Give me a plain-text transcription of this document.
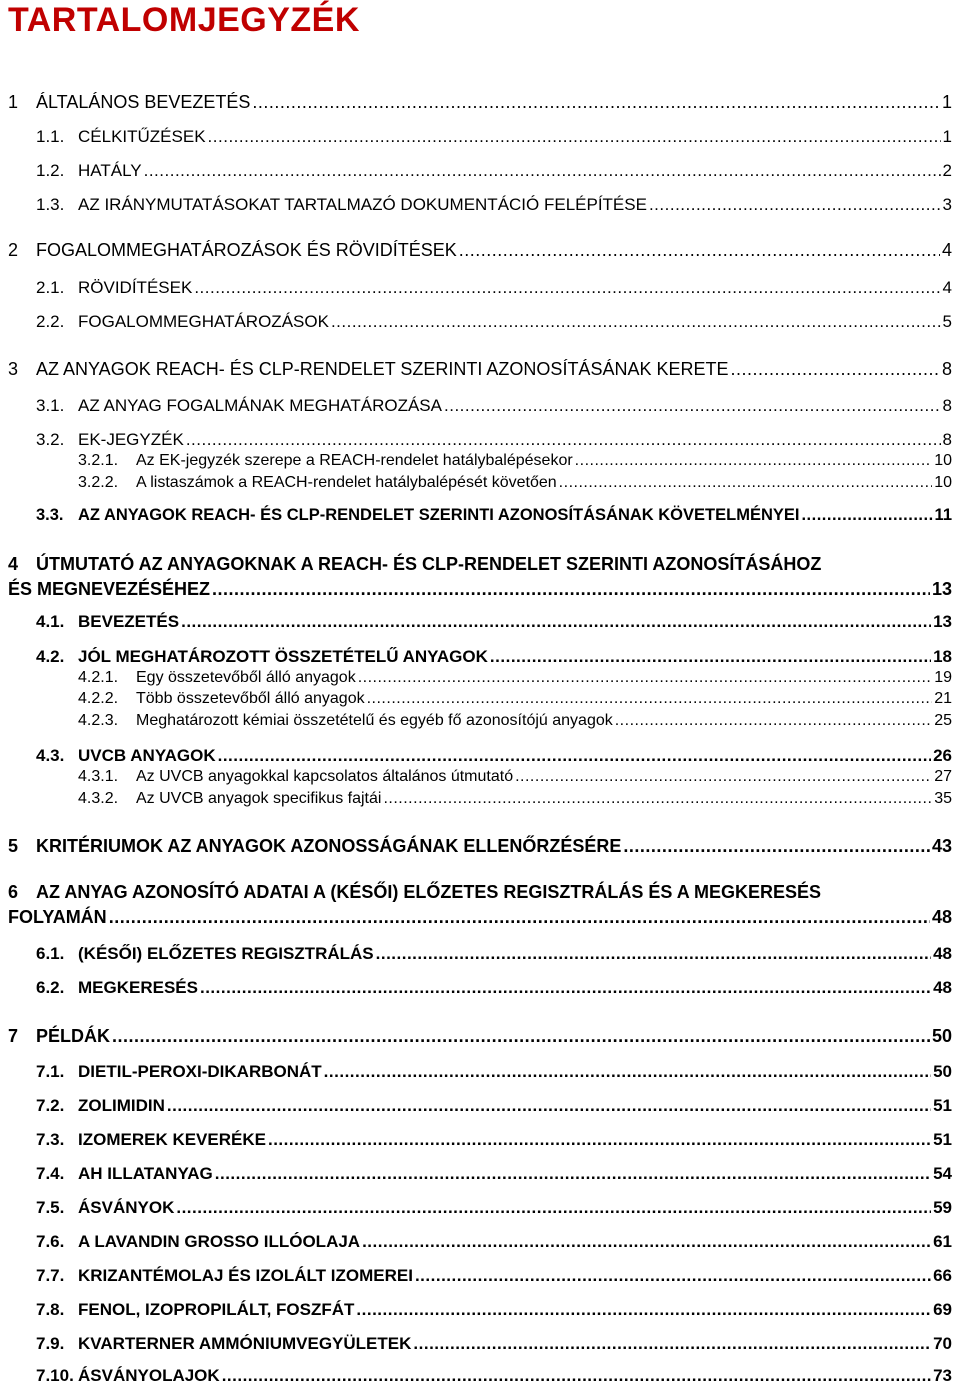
TARTALOMJEGYZÉK
1 ÁLTALÁNOS BEVEZETÉS .....	1
1.1. CÉLKITŰZÉSEK .....	1
1.2. HATÁLY .....	2
1.3. AZ IRÁNYMUTATÁSOKAT TARTALMAZÓ DOKUMENTÁCIÓ FELÉPÍTÉSE .....	3
2 FOGALOMMEGHATÁROZÁSOK ÉS RÖVIDÍTÉSEK .....	4
2.1. RÖVIDÍTÉSEK .....	4
2.2. FOGALOMMEGHATÁROZÁSOK .....	5
3 AZ ANYAGOK REACH- ÉS CLP-RENDELET SZERINTI AZONOSÍTÁSÁNAK KERETE .....	8
3.1. AZ ANYAG FOGALMÁNAK MEGHATÁROZÁSA .....	8
3.2. EK-JEGYZÉK .....	8
3.2.1.	Az EK-jegyzék szerepe a REACH-rendelet hatálybalépésekor .....	10
3.2.2.	A listaszámok a REACH-rendelet hatálybalépését követően .....	10
3.3. AZ ANYAGOK REACH- ÉS CLP-RENDELET SZERINTI AZONOSÍTÁSÁNAK KÖVETELMÉNYEI .....	11
4 ÚTMUTATÓ AZ ANYAGOKNAK A REACH- ÉS CLP-RENDELET SZERINTI AZONOSÍTÁSÁHOZ
ÉS MEGNEVEZÉSÉHEZ .....	13
4.1. BEVEZETÉS .....	13
4.2. JÓL MEGHATÁROZOTT ÖSSZETÉTELŰ ANYAGOK .....	18
4.2.1.	Egy összetevőből álló anyagok .....	19
4.2.2.	Több összetevőből álló anyagok .....	21
4.2.3.	Meghatározott kémiai összetételű és egyéb fő azonosítójú anyagok .....	25
4.3. UVCB ANYAGOK .....	26
4.3.1.	Az UVCB anyagokkal kapcsolatos általános útmutató .....	27
4.3.2.	Az UVCB anyagok specifikus fajtái .....	35
5 KRITÉRIUMOK AZ ANYAGOK AZONOSSÁGÁNAK ELLENŐRZÉSÉRE .....	43
6 AZ ANYAG AZONOSÍTÓ ADATAI A (KÉSŐI) ELŐZETES REGISZTRÁLÁS ÉS A MEGKERESÉS
FOLYAMÁN .....	48
6.1. (KÉSŐI) ELŐZETES REGISZTRÁLÁS .....	48
6.2. MEGKERESÉS .....	48
7 PÉLDÁK .....	50
7.1. DIETIL-PEROXI-DIKARBONÁT .....	50
7.2. ZOLIMIDIN .....	51
7.3. IZOMEREK KEVERÉKE .....	51
7.4. AH ILLATANYAG .....	54
7.5. ÁSVÁNYOK .....	59
7.6. A LAVANDIN GROSSO ILLÓOLAJA .....	61
7.7. KRIZANTÉMOLAJ ÉS IZOLÁLT IZOMEREI .....	66
7.8. FENOL, IZOPROPILÁLT, FOSZFÁT .....	69
7.9. KVARTERNER AMMÓNIUMVEGYÜLETEK .....	70
7.10. ÁSVÁNYOLAJOK .....	73
